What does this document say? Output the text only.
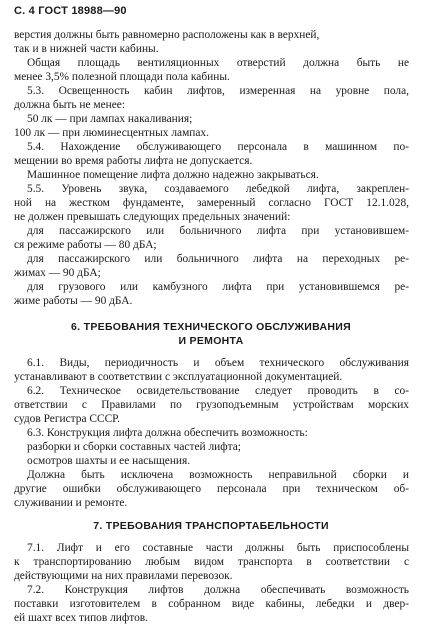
С. 4 ГОСТ 18988—90
верстия должны быть равномерно расположены как в верхней,
так и в нижней части кабины.
Общая площадь вентиляционных отверстий должна быть не
менее 3,5% полезной площади пола кабины.
5.3. Освещенность кабин лифтов, измеренная на уровне пола,
должна быть не менее:
50 лк — при лампах накаливания;
100 лк — при люминесцентных лампах.
5.4. Нахождение обслуживающего персонала в машинном по-
мещении во время работы лифта не допускается.
Машинное помещение лифта должно надежно закрываться.
5.5. Уровень звука, создаваемого лебедкой лифта, закреплен-
ной на жестком фундаменте, замеренный согласно ГОСТ 12.1.028,
не должен превышать следующих предельных значений:
для пассажирского или больничного лифта при установившем-
ся режиме работы — 80 дБА;
для пассажирского или больничного лифта на переходных ре-
жимах — 90 дБА;
для грузового или камбузного лифта при установившемся ре-
жиме работы — 90 дБА.
6. ТРЕБОВАНИЯ ТЕХНИЧЕСКОГО ОБСЛУЖИВАНИЯ
И РЕМОНТА
6.1. Виды, периодичность и объем технического обслуживания
устанавливают в соответствии с эксплуатационной документацией.
6.2. Техническое освидетельствование следует проводить в со-
ответствии с Правилами по грузоподъемным устройствам морских
судов Регистра СССР.
6.3. Конструкция лифта должна обеспечить возможность:
разборки и сборки составных частей лифта;
осмотров шахты и ее насыщения.
Должна быть исключена возможность неправильной сборки и
другие ошибки обслуживающего персонала при техническом об-
служивании и ремонте.
7. ТРЕБОВАНИЯ ТРАНСПОРТАБЕЛЬНОСТИ
7.1. Лифт и его составные части должны быть приспособлены
к транспортированию любым видом транспорта в соответствии с
действующими на них правилами перевозок.
7.2. Конструкция лифтов должна обеспечивать возможность
поставки изготовителем в собранном виде кабины, лебедки и двер-
ей шахт всех типов лифтов.
